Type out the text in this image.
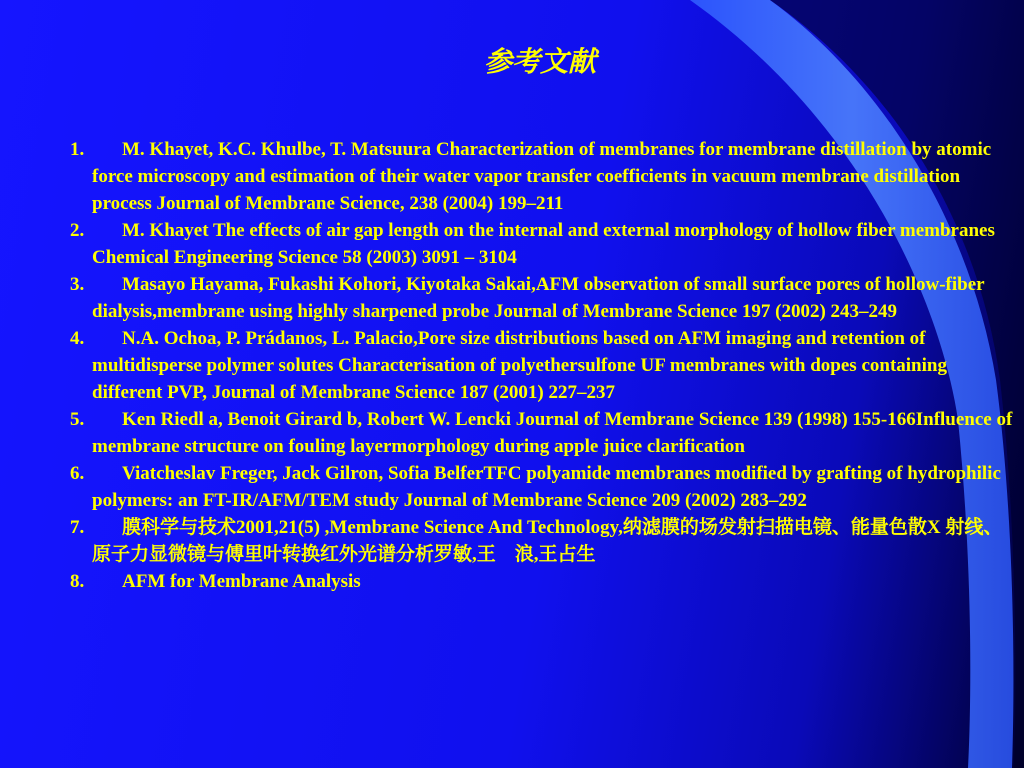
参考文献
1.	M. Khayet, K.C. Khulbe, T. Matsuura Characterization of membranes for membrane distillation by atomic force microscopy and estimation of their water vapor transfer coefficients in vacuum membrane distillation process Journal of Membrane Science, 238 (2004) 199–211
2.	M. Khayet The effects of air gap length on the internal and external morphology of hollow fiber membranes Chemical Engineering Science 58 (2003) 3091 – 3104
3.	Masayo Hayama, Fukashi Kohori, Kiyotaka Sakai,AFM observation of small surface pores of hollow-fiber dialysis,membrane using highly sharpened probe Journal of Membrane Science 197 (2002) 243–249
4.	N.A. Ochoa, P. Prádanos, L. Palacio,Pore size distributions based on AFM imaging and retention of multidisperse polymer solutes Characterisation of polyethersulfone UF membranes with dopes containing different PVP, Journal of Membrane Science 187 (2001) 227–237
5.	Ken Riedl a, Benoit Girard b, Robert W. Lencki Journal of Membrane Science 139 (1998) 155-166Influence of membrane structure on fouling layermorphology during apple juice clarification
6.	Viatcheslav Freger, Jack Gilron, Sofia BelferTFC polyamide membranes modified by grafting of hydrophilic polymers: an FT-IR/AFM/TEM study Journal of Membrane Science 209 (2002) 283–292
7.	膜科学与技术2001,21(5) ,Membrane Science And Technology,纳滤膜的场发射扫描电镜、能量色散X 射线、原子力显微镜与傅里叶转换红外光谱分析罗敏,王　浪,王占生
8.	AFM for Membrane Analysis
